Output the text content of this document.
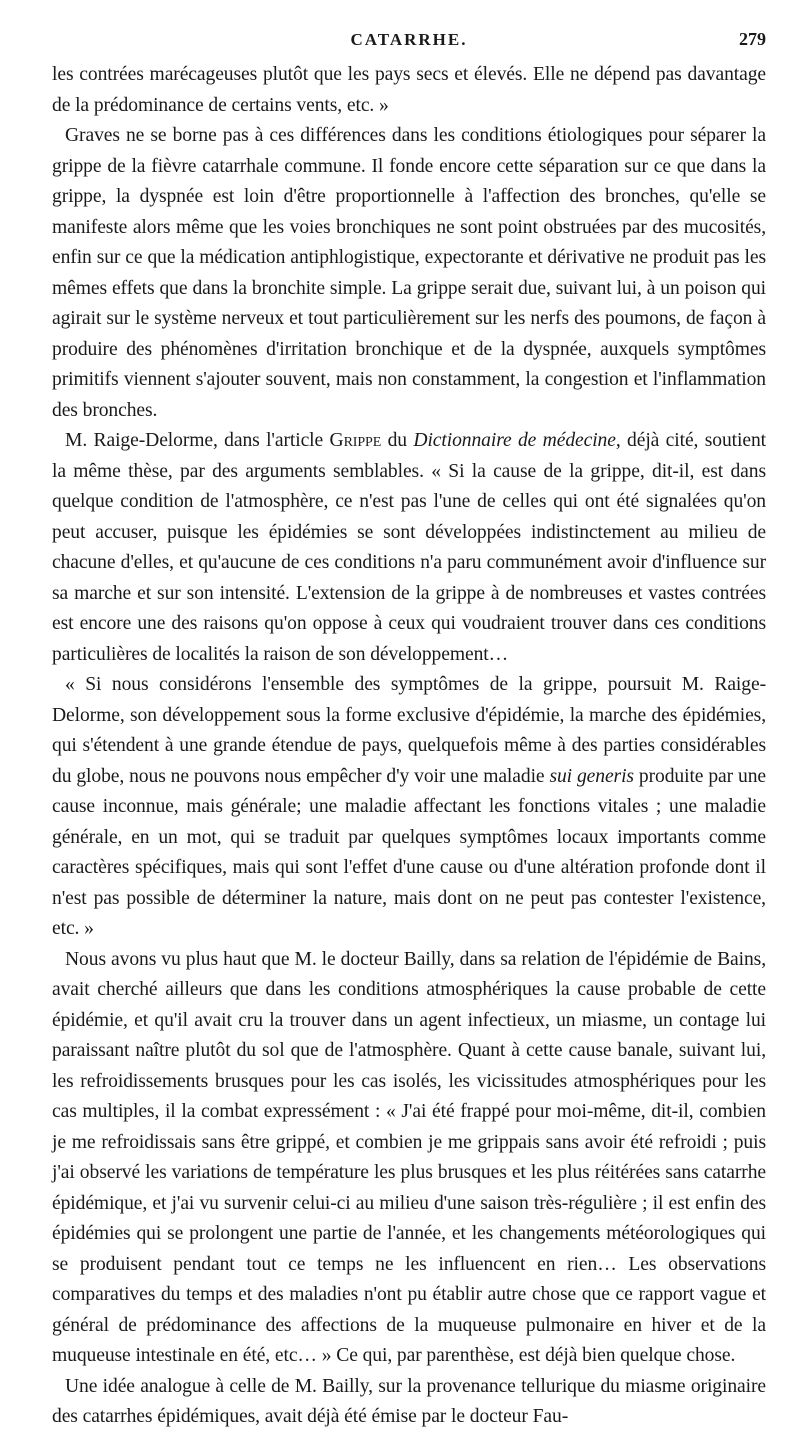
CATARRHE.	279

les contrées marécageuses plutôt que les pays secs et élevés. Elle ne dépend pas davantage de la prédominance de certains vents, etc. »

Graves ne se borne pas à ces différences dans les conditions étiologiques pour séparer la grippe de la fièvre catarrhale commune. Il fonde encore cette séparation sur ce que dans la grippe, la dyspnée est loin d'être proportionnelle à l'affection des bronches, qu'elle se manifeste alors même que les voies bronchiques ne sont point obstruées par des mucosités, enfin sur ce que la médication antiphlogistique, expectorante et dérivative ne produit pas les mêmes effets que dans la bronchite simple. La grippe serait due, suivant lui, à un poison qui agirait sur le système nerveux et tout particulièrement sur les nerfs des poumons, de façon à produire des phénomènes d'irritation bronchique et de la dyspnée, auxquels symptômes primitifs viennent s'ajouter souvent, mais non constamment, la congestion et l'inflammation des bronches.

M. Raige-Delorme, dans l'article Grippe du Dictionnaire de médecine, déjà cité, soutient la même thèse, par des arguments semblables. « Si la cause de la grippe, dit-il, est dans quelque condition de l'atmosphère, ce n'est pas l'une de celles qui ont été signalées qu'on peut accuser, puisque les épidémies se sont développées indistinctement au milieu de chacune d'elles, et qu'aucune de ces conditions n'a paru communément avoir d'influence sur sa marche et sur son intensité. L'extension de la grippe à de nombreuses et vastes contrées est encore une des raisons qu'on oppose à ceux qui voudraient trouver dans ces conditions particulières de localités la raison de son développement…

« Si nous considérons l'ensemble des symptômes de la grippe, poursuit M. Raige-Delorme, son développement sous la forme exclusive d'épidémie, la marche des épidémies, qui s'étendent à une grande étendue de pays, quelquefois même à des parties considérables du globe, nous ne pouvons nous empêcher d'y voir une maladie sui generis produite par une cause inconnue, mais générale; une maladie affectant les fonctions vitales ; une maladie générale, en un mot, qui se traduit par quelques symptômes locaux importants comme caractères spécifiques, mais qui sont l'effet d'une cause ou d'une altération profonde dont il n'est pas possible de déterminer la nature, mais dont on ne peut pas contester l'existence, etc. »

Nous avons vu plus haut que M. le docteur Bailly, dans sa relation de l'épidémie de Bains, avait cherché ailleurs que dans les conditions atmosphériques la cause probable de cette épidémie, et qu'il avait cru la trouver dans un agent infectieux, un miasme, un contage lui paraissant naître plutôt du sol que de l'atmosphère. Quant à cette cause banale, suivant lui, les refroidissements brusques pour les cas isolés, les vicissitudes atmosphériques pour les cas multiples, il la combat expressément : « J'ai été frappé pour moi-même, dit-il, combien je me refroidissais sans être grippé, et combien je me grippais sans avoir été refroidi ; puis j'ai observé les variations de température les plus brusques et les plus réitérées sans catarrhe épidémique, et j'ai vu survenir celui-ci au milieu d'une saison très-régulière ; il est enfin des épidémies qui se prolongent une partie de l'année, et les changements météorologiques qui se produisent pendant tout ce temps ne les influencent en rien… Les observations comparatives du temps et des maladies n'ont pu établir autre chose que ce rapport vague et général de prédominance des affections de la muqueuse pulmonaire en hiver et de la muqueuse intestinale en été, etc… » Ce qui, par parenthèse, est déjà bien quelque chose.

Une idée analogue à celle de M. Bailly, sur la provenance tellurique du miasme originaire des catarrhes épidémiques, avait déjà été émise par le docteur Fau-
